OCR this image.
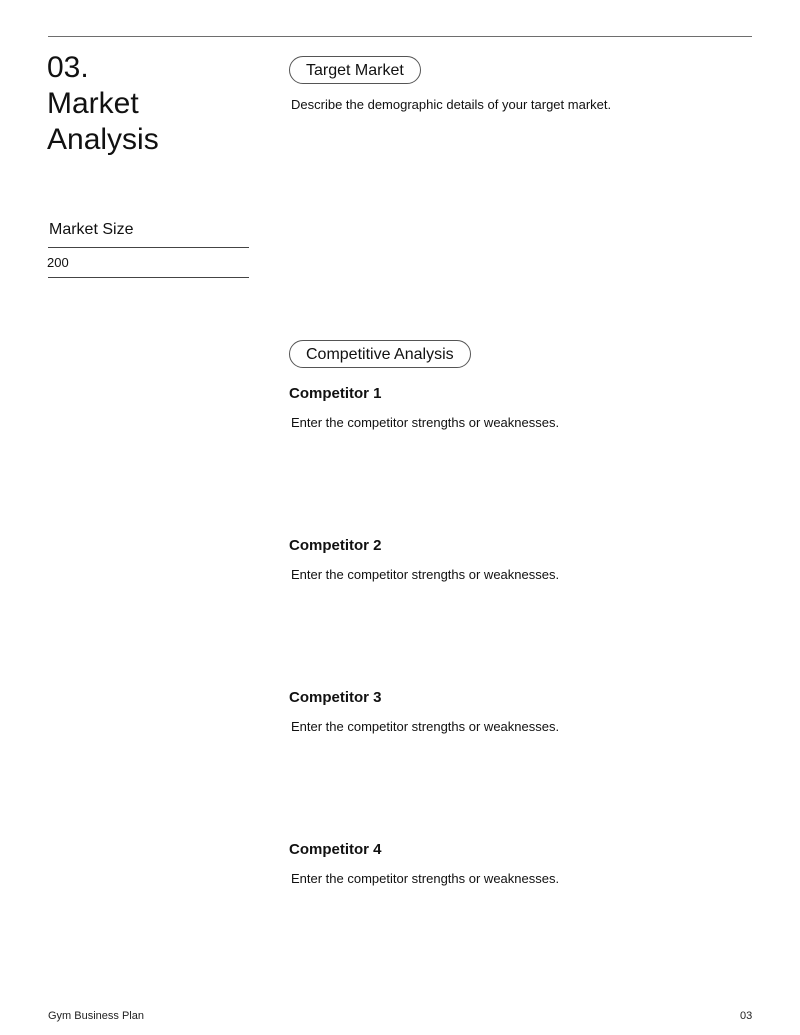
03.
Market Analysis
Market Size
200
Target Market
Describe the demographic details of your target market.
Competitive Analysis
Competitor 1
Enter the competitor strengths or weaknesses.
Competitor 2
Enter the competitor strengths or weaknesses.
Competitor 3
Enter the competitor strengths or weaknesses.
Competitor 4
Enter the competitor strengths or weaknesses.
Gym Business Plan	03
